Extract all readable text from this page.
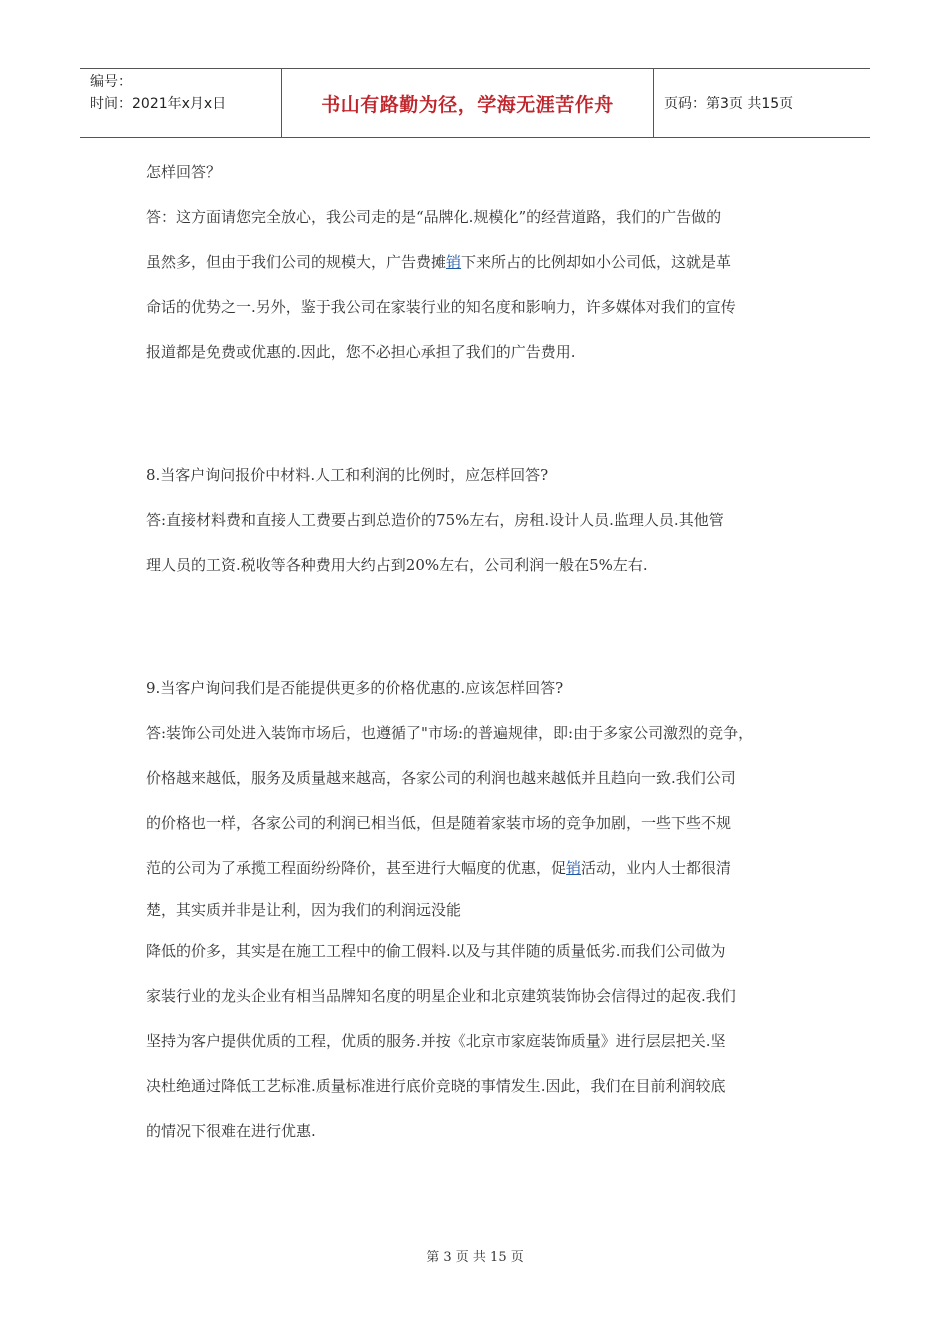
编号：
时间：2021年x月x日	书山有路勤为径，学海无涯苦作舟	页码：第3页 共15页
怎样回答？
答：这方面请您完全放心，我公司走的是“品牌化.规模化”的经营道路，我们的广告做的
虽然多，但由于我们公司的规模大，广告费摊销下来所占的比例却如小公司低，这就是革
命话的优势之一.另外，鉴于我公司在家装行业的知名度和影响力，许多媒体对我们的宣传
报道都是免费或优惠的.因此，您不必担心承担了我们的广告费用.
8.当客户询问报价中材料.人工和利润的比例时，应怎样回答?
答:直接材料费和直接人工费要占到总造价的75%左右，房租.设计人员.监理人员.其他管
理人员的工资.税收等各种费用大约占到20%左右，公司利润一般在5%左右.
9.当客户询问我们是否能提供更多的价格优惠的.应该怎样回答?
答:装饰公司处进入装饰市场后，也遵循了"市场:的普遍规律，即:由于多家公司激烈的竞争，
价格越来越低，服务及质量越来越高，各家公司的利润也越来越低并且趋向一致.我们公司
的价格也一样，各家公司的利润已相当低，但是随着家装市场的竞争加剧，一些下些不规
范的公司为了承揽工程面纷纷降价，甚至进行大幅度的优惠，促销活动，业内人士都很清
楚，其实质并非是让利，因为我们的利润远没能
降低的价多，其实是在施工工程中的偷工假料.以及与其伴随的质量低劣.而我们公司做为
家装行业的龙头企业有相当品牌知名度的明星企业和北京建筑装饰协会信得过的起夜.我们
坚持为客户提供优质的工程，优质的服务.并按《北京市家庭装饰质量》进行层层把关.坚
决杜绝通过降低工艺标准.质量标准进行底价竞晓的事情发生.因此，我们在目前利润较底
的情况下很难在进行优惠.
第 3 页 共 15 页
